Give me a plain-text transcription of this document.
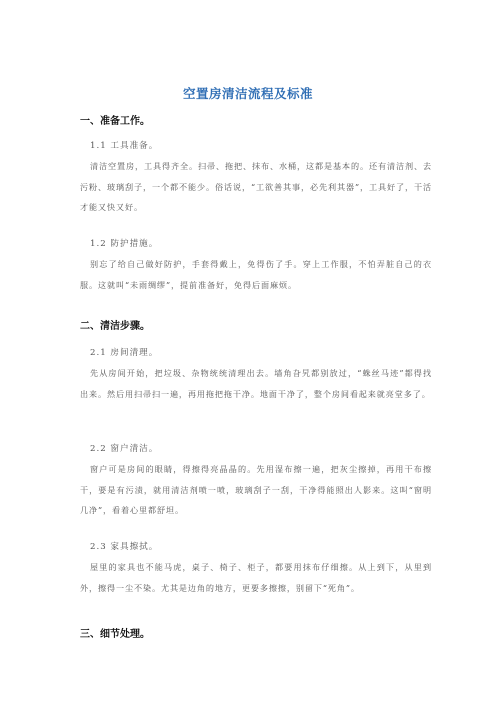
空置房清洁流程及标准
一、准备工作。
1.1 工具准备。
清洁空置房，工具得齐全。扫帚、拖把、抹布、水桶，这都是基本的。还有清洁剂、去污粉、玻璃刮子，一个都不能少。俗话说，“工欲善其事，必先利其器”，工具好了，干活才能又快又好。
1.2 防护措施。
别忘了给自己做好防护，手套得戴上，免得伤了手。穿上工作服，不怕弄脏自己的衣服。这就叫“未雨绸缪”，提前准备好，免得后面麻烦。
二、清洁步骤。
2.1 房间清理。
先从房间开始，把垃圾、杂物统统清理出去。墙角旮旯都别放过，“蛛丝马迹”都得找出来。然后用扫帚扫一遍，再用拖把拖干净。地面干净了，整个房间看起来就亮堂多了。
2.2 窗户清洁。
窗户可是房间的眼睛，得擦得亮晶晶的。先用湿布擦一遍，把灰尘擦掉，再用干布擦干，要是有污渍，就用清洁剂喷一喷，玻璃刮子一刮，干净得能照出人影来。这叫“窗明几净”，看着心里都舒坦。
2.3 家具擦拭。
屋里的家具也不能马虎，桌子、椅子、柜子，都要用抹布仔细擦。从上到下，从里到外，擦得一尘不染。尤其是边角的地方，更要多擦擦，别留下“死角”。
三、细节处理。
